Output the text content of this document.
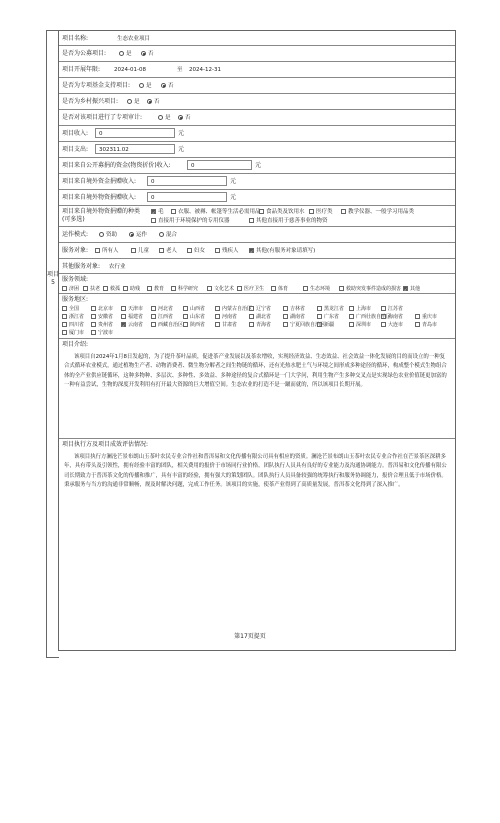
项目5
项目名称:	生态农业项目
是否为公募项目:	是	否
项目开展年限:	2024-01-08	至 2024-12-31
是否为专项基金支持项目:	是	否
是否为乡村振兴项目:	是	否
是否对该项目进行了专项审计:	是	否
项目收入:	0	元
项目支出:	302311.02	元
项目来自公开募捐的资金(物资折价)收入:	0	元
项目来自境外资金捐赠收入:	0	元
项目来自境外物资捐赠收入:	0	元
项目来自境外物资捐赠的种类(可多选)
✓毛	衣服、被褥、帐篷等生活必需用品 食品类及饮用水	医疗类	教学仪器、一般学习用品类
直接用于环境保护的专用仪器	其他直接用于慈善事业的物资
运作模式:	资助	运作	混合
服务对象:	所有人	儿童	老人	妇女	残疾人 ✓	其他(有服务对象请填写)
其他服务对象: 农行业
服务领域:
济困	扶老	救孤	助残	教育	科学研究	文化艺术	医疗卫生	体育	生态环境	救助突发事件造成的损害 ✓	其他
服务地区:
全国	北京市	天津市	河北省	山西省	内蒙古自治区 辽宁省	吉林省	黑龙江省	上海市	江苏省
浙江省	安徽省	福建省	江西省	山东省	河南省	湖北省	湖南省	广东省	广西壮族自治区
海南省	重庆市
四川省	贵州省 ✓	云南省	西藏自治区	陕西省	甘肃省	青海省	宁夏回族自治区
新疆	深圳市	大连市	青岛市
厦门市	宁波市
项目介绍:
该项目自2024年1月8日发起的，为了提升茶叶品质，促进茶产业发展以及茶农增收，实现经济效益、生态效益、社会效益一体化发展的目的而设立的一种复合式循环农业模式，通过植物生产者、动物消费者、微生物分解者之间生物链的循环，还有光热水肥土气与环境之间形成多种途径的循环，构成整个模式生物组合体的全产业供应链循环，这种多物种、多层次、多种性、多效益、多种途径的复合式循环是一门大学问，利用生物产生多种交叉点是实现绿色农业价值链更加富的一种有益尝试，生物的深度开发利用有打开最大资源的巨大增值空间。生态农业的打造不是一蹴而就的，所以该项目长期开展。
项目执行方及项目成效评估情况:
该项目执行方澜沧芒景布朗山玉茶叶农民专业合作社和普洱易和文化传播有限公司具有相应的资质。澜沧芒景布朗山玉茶叶农民专业合作社在芒景茶区深耕多年，具有带头及引领性，拥有经验丰富的团队，相关费用的报价于市场同行业价格。团队执行人员具有良好的专业能力及沟通协调能力。普洱易和文化传播有限公司长期致力于普洱茶文化的传播和推广，具有丰富的经验，拥有强大的策划团队。团队执行人员具备较强的统筹执行和服务协调能力，报价合理且低于市场价格。秉承服务与当方的沟通非常顺畅，规及时解决问题，完成工作任务。该项目的实施，使茶产业得到了高质量发展，普洱茶文化得到了深入推广。
第17页提页
